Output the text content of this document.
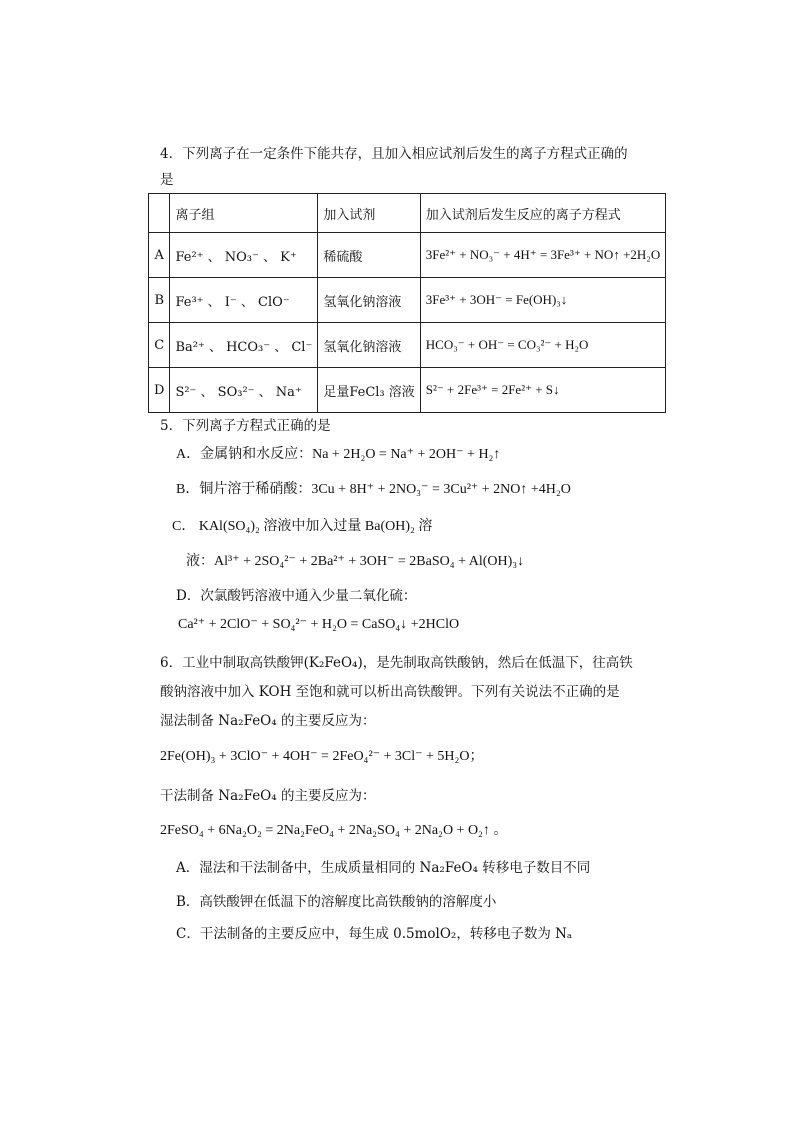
4．下列离子在一定条件下能共存，且加入相应试剂后发生的离子方程式正确的
是
	离子组	加入试剂	加入试剂后发生反应的离子方程式
A	Fe²⁺ 、 NO₃⁻ 、 K⁺	稀硫酸	3Fe²⁺ + NO₃⁻ + 4H⁺ = 3Fe³⁺ + NO↑ +2H₂O
B	Fe³⁺ 、 I⁻ 、 ClO⁻	氢氧化钠溶液	3Fe³⁺ + 3OH⁻ = Fe(OH)₃↓
C	Ba²⁺ 、 HCO₃⁻ 、 Cl⁻	氢氧化钠溶液	HCO₃⁻ + OH⁻ = CO₃²⁻ + H₂O
D	S²⁻ 、 SO₃²⁻ 、 Na⁺	足量FeCl₃ 溶液	S²⁻ + 2Fe³⁺ = 2Fe²⁺ + S↓
5．下列离子方程式正确的是
A．金属钠和水反应：Na + 2H₂O = Na⁺ + 2OH⁻ + H₂↑
B．铜片溶于稀硝酸：3Cu + 8H⁺ + 2NO₃⁻ = 3Cu²⁺ + 2NO↑ +4H₂O
C． KAl(SO₄)₂ 溶液中加入过量 Ba(OH)₂ 溶
液：Al³⁺ + 2SO₄²⁻ + 2Ba²⁺ + 3OH⁻ = 2BaSO₄ + Al(OH)₃↓
D．次氯酸钙溶液中通入少量二氧化硫：
Ca²⁺ + 2ClO⁻ + SO₄²⁻ + H₂O = CaSO₄↓ +2HClO
6．工业中制取高铁酸钾(K₂FeO₄)，是先制取高铁酸钠，然后在低温下，往高铁
酸钠溶液中加入 KOH 至饱和就可以析出高铁酸钾。下列有关说法不正确的是
湿法制备 Na₂FeO₄ 的主要反应为：
2Fe(OH)₃ + 3ClO⁻ + 4OH⁻ = 2FeO₄²⁻ + 3Cl⁻ + 5H₂O；
干法制备 Na₂FeO₄ 的主要反应为：
2FeSO₄ + 6Na₂O₂ = 2Na₂FeO₄ + 2Na₂SO₄ + 2Na₂O + O₂↑ 。
A．湿法和干法制备中，生成质量相同的 Na₂FeO₄ 转移电子数目不同
B．高铁酸钾在低温下的溶解度比高铁酸钠的溶解度小
C．干法制备的主要反应中，每生成 0.5molO₂，转移电子数为 Nₐ
